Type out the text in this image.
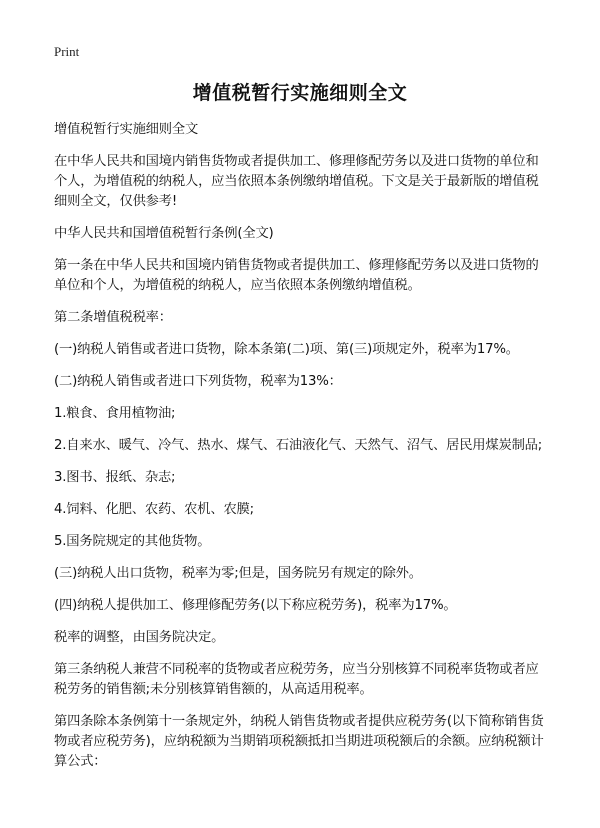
Print
增值税暂行实施细则全文

增值税暂行实施细则全文

在中华人民共和国境内销售货物或者提供加工、修理修配劳务以及进口货物的单位和个人，为增值税的纳税人，应当依照本条例缴纳增值税。下文是关于最新版的增值税细则全文，仅供参考!

中华人民共和国增值税暂行条例(全文)

第一条在中华人民共和国境内销售货物或者提供加工、修理修配劳务以及进口货物的单位和个人，为增值税的纳税人，应当依照本条例缴纳增值税。

第二条增值税税率：

(一)纳税人销售或者进口货物，除本条第(二)项、第(三)项规定外，税率为17%。

(二)纳税人销售或者进口下列货物，税率为13%：

1.粮食、食用植物油;

2.自来水、暖气、冷气、热水、煤气、石油液化气、天然气、沼气、居民用煤炭制品;

3.图书、报纸、杂志;

4.饲料、化肥、农药、农机、农膜;

5.国务院规定的其他货物。

(三)纳税人出口货物，税率为零;但是，国务院另有规定的除外。

(四)纳税人提供加工、修理修配劳务(以下称应税劳务)，税率为17%。

税率的调整，由国务院决定。

第三条纳税人兼营不同税率的货物或者应税劳务，应当分别核算不同税率货物或者应税劳务的销售额;未分别核算销售额的，从高适用税率。

第四条除本条例第十一条规定外，纳税人销售货物或者提供应税劳务(以下简称销售货物或者应税劳务)，应纳税额为当期销项税额抵扣当期进项税额后的余额。应纳税额计算公式：
